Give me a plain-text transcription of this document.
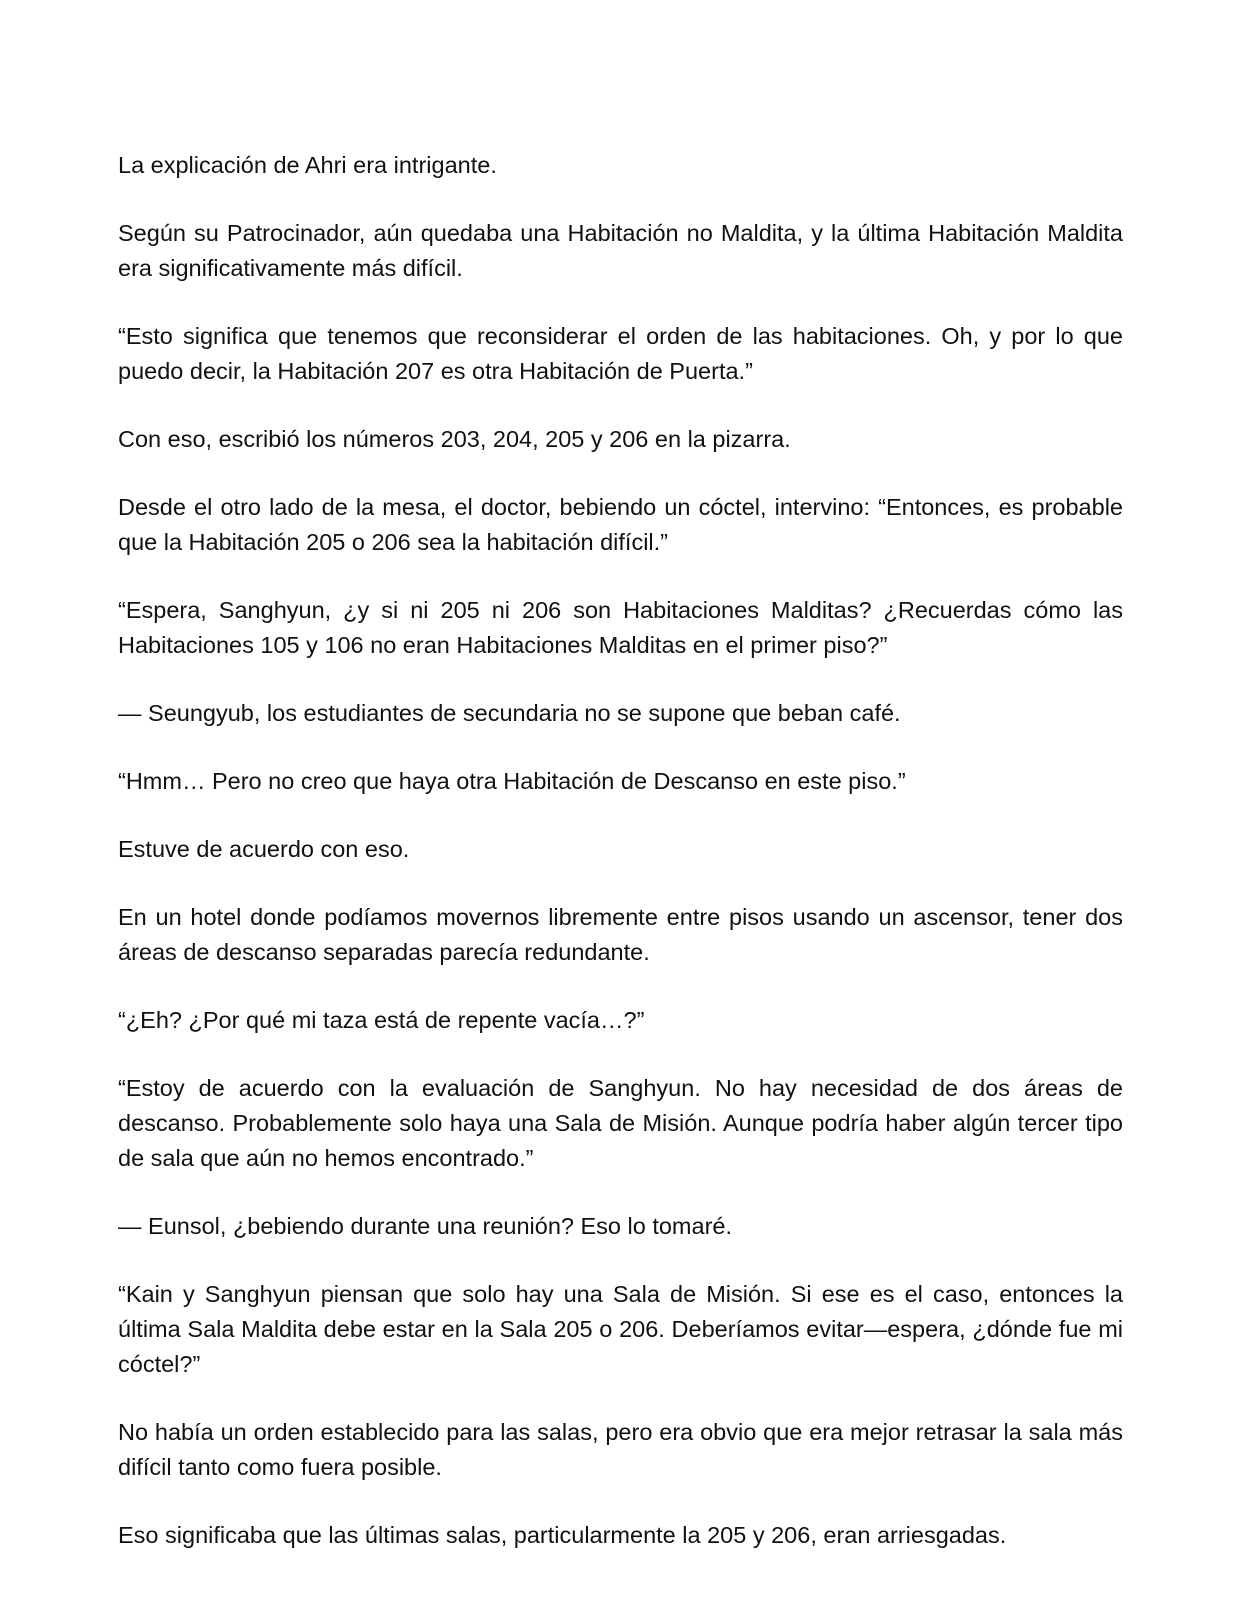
La explicación de Ahri era intrigante.

Según su Patrocinador, aún quedaba una Habitación no Maldita, y la última Habitación Maldita era significativamente más difícil.

“Esto significa que tenemos que reconsiderar el orden de las habitaciones. Oh, y por lo que puedo decir, la Habitación 207 es otra Habitación de Puerta.”

Con eso, escribió los números 203, 204, 205 y 206 en la pizarra.

Desde el otro lado de la mesa, el doctor, bebiendo un cóctel, intervino: “Entonces, es probable que la Habitación 205 o 206 sea la habitación difícil.”

“Espera, Sanghyun, ¿y si ni 205 ni 206 son Habitaciones Malditas? ¿Recuerdas cómo las Habitaciones 105 y 106 no eran Habitaciones Malditas en el primer piso?”

— Seungyub, los estudiantes de secundaria no se supone que beban café.

“Hmm… Pero no creo que haya otra Habitación de Descanso en este piso.”

Estuve de acuerdo con eso.

En un hotel donde podíamos movernos libremente entre pisos usando un ascensor, tener dos áreas de descanso separadas parecía redundante.

“¿Eh? ¿Por qué mi taza está de repente vacía…?”

“Estoy de acuerdo con la evaluación de Sanghyun. No hay necesidad de dos áreas de descanso. Probablemente solo haya una Sala de Misión. Aunque podría haber algún tercer tipo de sala que aún no hemos encontrado.”

— Eunsol, ¿bebiendo durante una reunión? Eso lo tomaré.

“Kain y Sanghyun piensan que solo hay una Sala de Misión. Si ese es el caso, entonces la última Sala Maldita debe estar en la Sala 205 o 206. Deberíamos evitar—espera, ¿dónde fue mi cóctel?”

No había un orden establecido para las salas, pero era obvio que era mejor retrasar la sala más difícil tanto como fuera posible.

Eso significaba que las últimas salas, particularmente la 205 y 206, eran arriesgadas.
